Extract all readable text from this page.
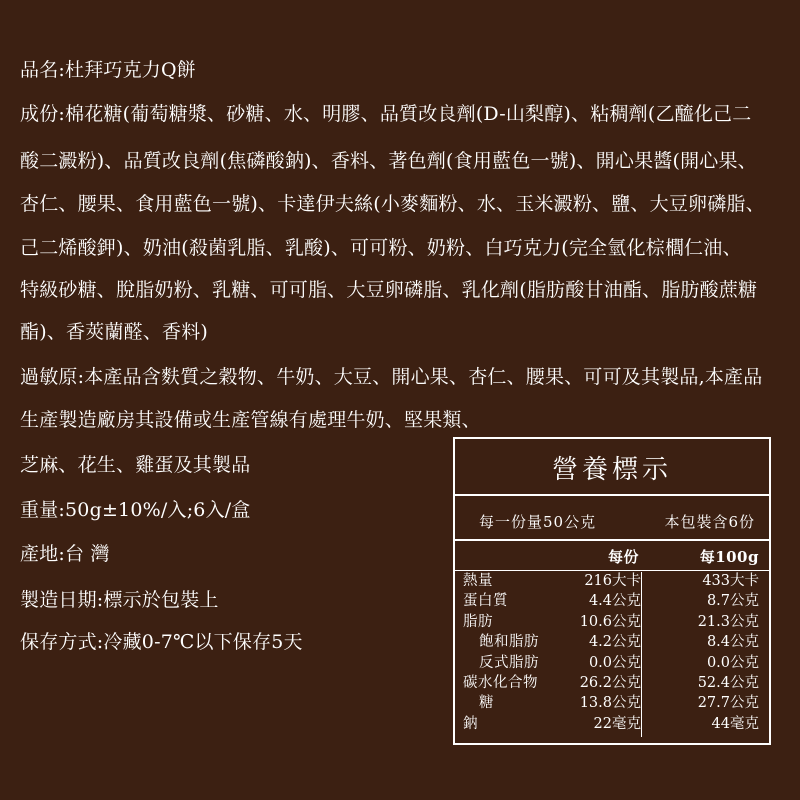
品名:杜拜巧克力Q餅
成份:棉花糖(葡萄糖漿、砂糖、水、明膠、品質改良劑(D-山梨醇)、粘稠劑(乙醯化己二
酸二澱粉)、品質改良劑(焦磷酸鈉)、香料、著色劑(食用藍色一號)、開心果醬(開心果、
杏仁、腰果、食用藍色一號)、卡達伊夫絲(小麥麵粉、水、玉米澱粉、鹽、大豆卵磷脂、
己二烯酸鉀)、奶油(殺菌乳脂、乳酸)、可可粉、奶粉、白巧克力(完全氫化棕櫚仁油、
特級砂糖、脫脂奶粉、乳糖、可可脂、大豆卵磷脂、乳化劑(脂肪酸甘油酯、脂肪酸蔗糖
酯)、香莢蘭醛、香料)
過敏原:本產品含麩質之穀物、牛奶、大豆、開心果、杏仁、腰果、可可及其製品,本產品
生產製造廠房其設備或生產管線有處理牛奶、堅果類、
芝麻、花生、雞蛋及其製品
重量:50g±10%/入;6入/盒
產地:台 灣
製造日期:標示於包裝上
保存方式:冷藏0-7℃以下保存5天
營養標示
每一份量50公克	本包裝含6份
每份	每100g
熱量	216大卡	433大卡
蛋白質	4.4公克	8.7公克
脂肪	10.6公克	21.3公克
飽和脂肪	4.2公克	8.4公克
反式脂肪	0.0公克	0.0公克
碳水化合物	26.2公克	52.4公克
糖	13.8公克	27.7公克
鈉	22毫克	44毫克
